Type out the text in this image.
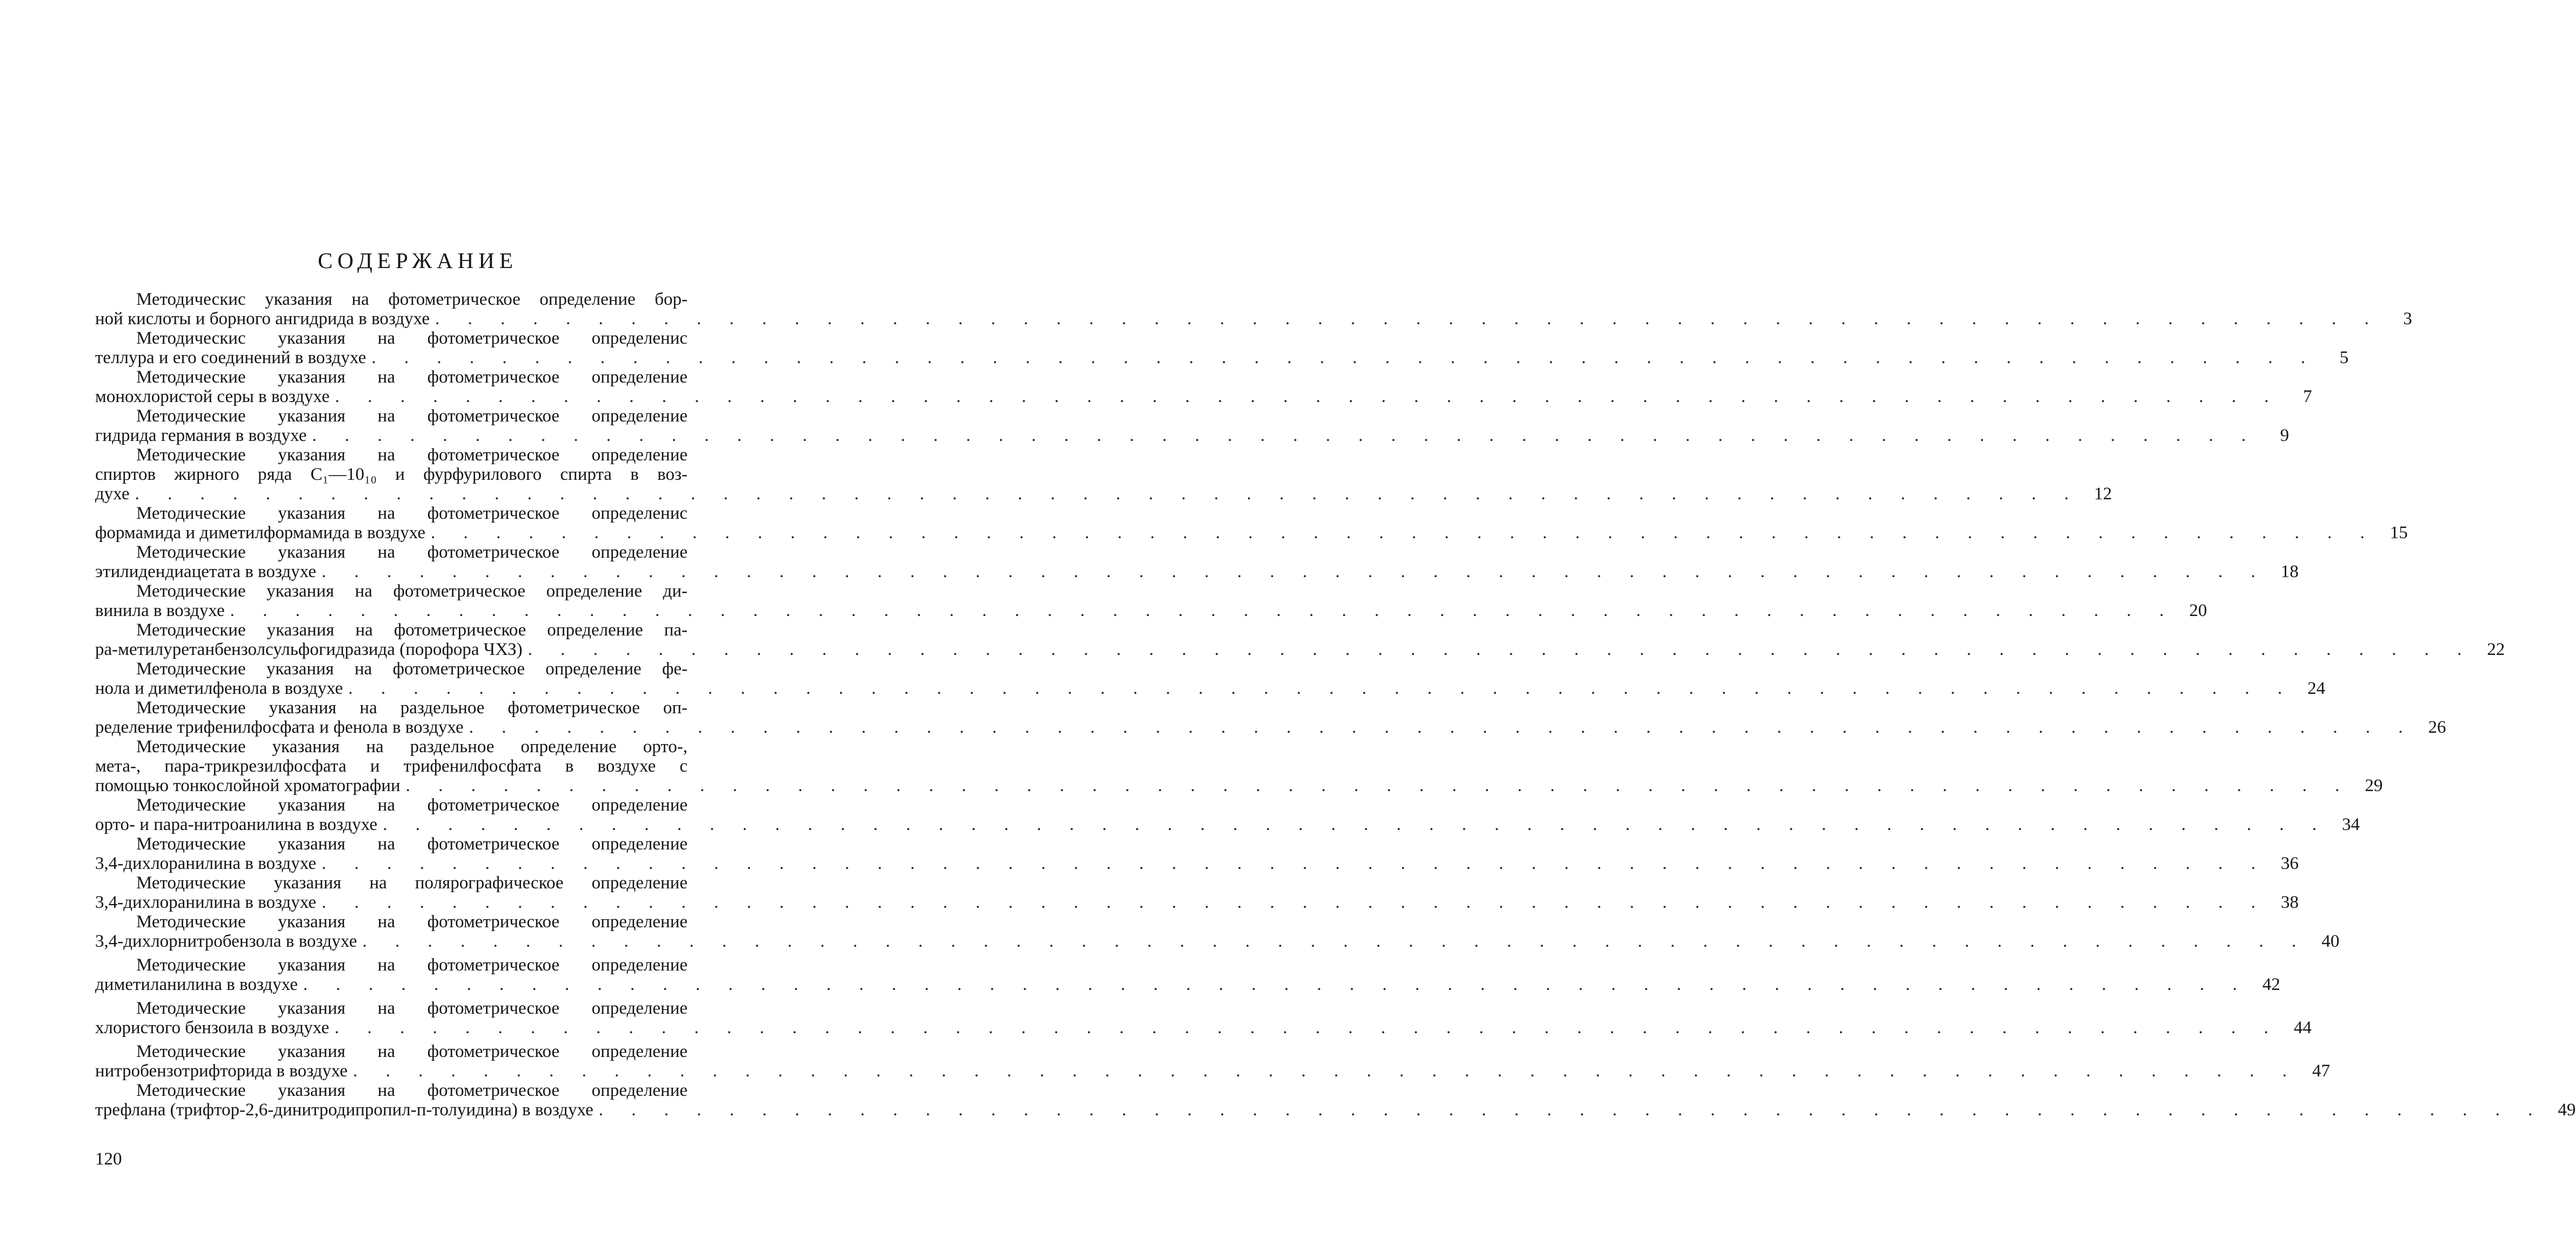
СОДЕРЖАНИЕ
Методическис указания на фотометрическое определение бор-
ной кислоты и борного ангидрида в воздухе . . . . . . . . . . . . . . . . . . . . . . . . . . . . . . . . . . . . . . . . . . . . . . . . . . . . . . . . . . . .	3
Методическис указания на фотометрическое определенис
теллура и его соединений в воздухе . . . . . . . . . . . . . . . . . . . . . . . . . . . . . . . . . . . . . . . . . . . . . . . . . . . . . . . . . . . .	5
Методические указания на фотометрическое определение
монохлористой серы в воздухе . . . . . . . . . . . . . . . . . . . . . . . . . . . . . . . . . . . . . . . . . . . . . . . . . . . . . . . . . . . .	7
Методические указания на фотометрическое определение
гидрида германия в воздухе . . . . . . . . . . . . . . . . . . . . . . . . . . . . . . . . . . . . . . . . . . . . . . . . . . . . . . . . . . . .	9
Методические указания на фотометрическое определение
спиртов жирного ряда C₁—10₁₀ и фурфурилового спирта в воз-
духе . . . . . . . . . . . . . . . . . . . . . . . . . . . . . . . . . . . . . . . . . . . . . . . . . . . . . . . . . . . . 12
Методические указания на фотометрическое определенис
формамида и диметилформамида в воздухе . . . . . . . . . . . . . . . . . . . . . . . . . . . . . . . . . . . . . . . . . . . . . . . . . . . . . . . . . . . . 15
Методические указания на фотометрическое определение
этилидендиацетата в воздухе . . . . . . . . . . . . . . . . . . . . . . . . . . . . . . . . . . . . . . . . . . . . . . . . . . . . . . . . . . . . 18
Методические указания на фотометрическое определение ди-
винила в воздухе . . . . . . . . . . . . . . . . . . . . . . . . . . . . . . . . . . . . . . . . . . . . . . . . . . . . . . . . . . . . 20
Методические указания на фотометрическое определение па-
ра-метилуретанбензолсульфогидразида (пoрофора ЧХЗ) . . . . . . . . . . . . . . . . . . . . . . . . . . . . . . . . . . . . . . . . . . . . . . . . . . . . . . . . . . . . 22
Методические указания на фотометрическое определение фе-
нола и диметилфенола в воздухе . . . . . . . . . . . . . . . . . . . . . . . . . . . . . . . . . . . . . . . . . . . . . . . . . . . . . . . . . . . . 24
Методические указания на раздельное фотометрическое оп-
ределение трифенилфосфата и фенола в воздухе . . . . . . . . . . . . . . . . . . . . . . . . . . . . . . . . . . . . . . . . . . . . . . . . . . . . . . . . . . . . 26
Методические указания на раздельное определение орто-,
мета-, пара-трикрезилфосфата и трифенилфосфата в воздухе с
помощью тонкослойной хроматографии . . . . . . . . . . . . . . . . . . . . . . . . . . . . . . . . . . . . . . . . . . . . . . . . . . . . . . . . . . . . 29
Методические указания на фотометрическое определение
орто- и пара-нитроанилина в воздухе . . . . . . . . . . . . . . . . . . . . . . . . . . . . . . . . . . . . . . . . . . . . . . . . . . . . . . . . . . . . 34
Методические указания на фотометрическое определение
3,4-дихлоранилина в воздухе . . . . . . . . . . . . . . . . . . . . . . . . . . . . . . . . . . . . . . . . . . . . . . . . . . . . . . . . . . . . 36
Методические указания на полярографическое определение
3,4-дихлоранилина в воздухе . . . . . . . . . . . . . . . . . . . . . . . . . . . . . . . . . . . . . . . . . . . . . . . . . . . . . . . . . . . . 38
Методические указания на фотометрическое определение
3,4-дихлорнитробензола в воздухе . . . . . . . . . . . . . . . . . . . . . . . . . . . . . . . . . . . . . . . . . . . . . . . . . . . . . . . . . . . . 40
Методические указания на фотометрическое определение
диметиланилина в воздухе . . . . . . . . . . . . . . . . . . . . . . . . . . . . . . . . . . . . . . . . . . . . . . . . . . . . . . . . . . . . 42
Методические указания на фотометрическое определение
хлористого бензоила в воздухе . . . . . . . . . . . . . . . . . . . . . . . . . . . . . . . . . . . . . . . . . . . . . . . . . . . . . . . . . . . . 44
Методические указания на фотометрическое определение
нитробензотрифторида в воздухе . . . . . . . . . . . . . . . . . . . . . . . . . . . . . . . . . . . . . . . . . . . . . . . . . . . . . . . . . . . . 47
Методические указания на фотометрическое определение
трефлана (трифтор-2,6-динитродипропил-п-толуидина) в воздухе . . . . . . . . . . . . . . . . . . . . . . . . . . . . . . . . . . . . . . . . . . . . . . . . . . . . . . . . . . . . 49
120
